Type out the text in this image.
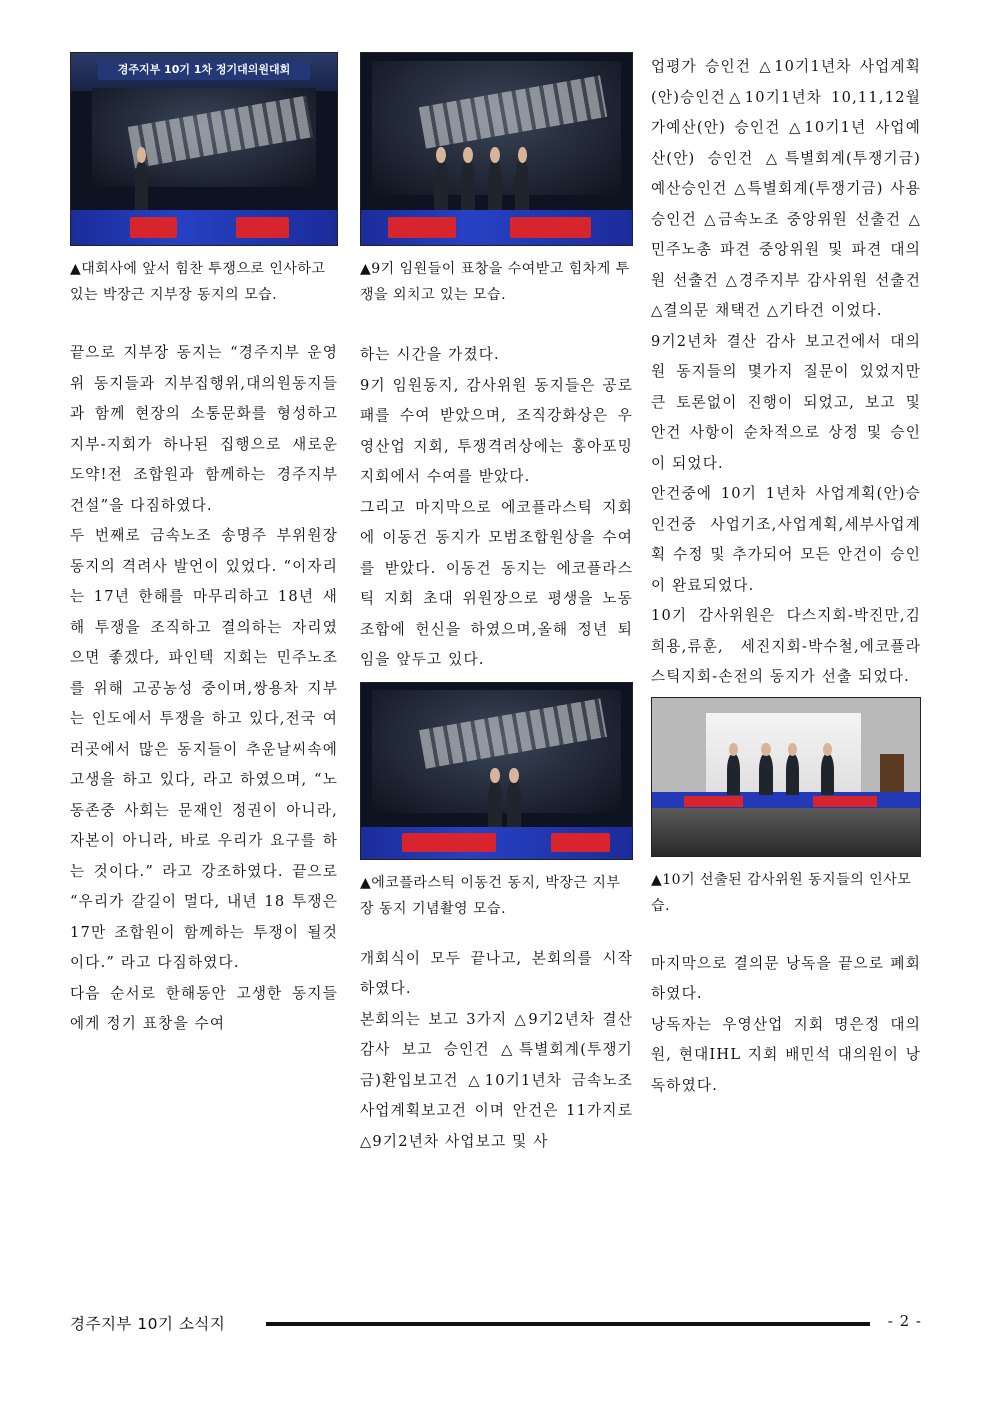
경주지부 10기 1차 정기대의원대회

▲대회사에 앞서 힘찬 투쟁으로 인사하고 있는 박장근 지부장 동지의 모습.

끝으로 지부장 동지는 “경주지부 운영위 동지들과 지부집행위,대의원동지들과 함께 현장의 소통문화를 형성하고 지부-지회가 하나된 집행으로 새로운 도약!전 조합원과 함께하는 경주지부 건설”을 다짐하였다.

두 번째로 금속노조 송명주 부위원장 동지의 격려사 발언이 있었다. “이자리는 17년 한해를 마무리하고 18년 새해 투쟁을 조직하고 결의하는 자리였으면 좋겠다, 파인텍 지회는 민주노조를 위해 고공농성 중이며,쌍용차 지부는 인도에서 투쟁을 하고 있다,전국 여러곳에서 많은 동지들이 추운날씨속에 고생을 하고 있다, 라고 하였으며, “노동존중 사회는 문재인 정권이 아니라,자본이 아니라, 바로 우리가 요구를 하는 것이다.” 라고 강조하였다. 끝으로 “우리가 갈길이 멀다, 내년 18 투쟁은 17만 조합원이 함께하는 투쟁이 될것이다.” 라고 다짐하였다.

다음 순서로 한해동안 고생한 동지들에게 정기 표창을 수여

▲9기 임원들이 표창을 수여받고 힘차게 투쟁을 외치고 있는 모습.

하는 시간을 가졌다.

9기 임원동지, 감사위원 동지들은 공로패를 수여 받았으며, 조직강화상은 우영산업 지회, 투쟁격려상에는 홍아포밍 지회에서 수여를 받았다.

그리고 마지막으로 에코플라스틱 지회에 이동건 동지가 모범조합원상을 수여를 받았다. 이동건 동지는 에코플라스틱 지회 초대 위원장으로 평생을 노동조합에 헌신을 하였으며,올해 정년 퇴임을 앞두고 있다.

▲에코플라스틱 이동건 동지, 박장근 지부장 동지 기념촬영 모습.

개회식이 모두 끝나고, 본회의를 시작하였다.

본회의는 보고 3가지 △9기2년차 결산감사 보고 승인건 △특별회계(투쟁기금)환입보고건 △10기1년차 금속노조 사업계획보고건 이며 안건은 11가지로△9기2년차 사업보고 및 사

업평가 승인건 △10기1년차 사업계획(안)승인건△10기1년차 10,11,12월 가예산(안) 승인건 △10기1년 사업예산(안) 승인건 △특별회계(투쟁기금) 예산승인건 △특별회계(투쟁기금) 사용 승인건 △금속노조 중앙위원 선출건 △민주노총 파견 중앙위원 및 파견 대의원 선출건 △경주지부 감사위원 선출건 △결의문 채택건 △기타건 이었다.

9기2년차 결산 감사 보고건에서 대의원 동지들의 몇가지 질문이 있었지만 큰 토론없이 진행이 되었고, 보고 및 안건 사항이 순차적으로 상정 및 승인이 되었다.

안건중에 10기 1년차 사업계획(안)승인건중 사업기조,사업계획,세부사업계획 수정 및 추가되어 모든 안건이 승인이 완료되었다.

10기 감사위원은 다스지회-박진만,김희용,류훈, 세진지회-박수철,에코플라스틱지회-손전의 동지가 선출 되었다.

▲10기 선출된 감사위원 동지들의 인사모습.

마지막으로 결의문 낭독을 끝으로 폐회하였다.

낭독자는 우영산업 지회 명은정 대의원, 현대IHL 지회 배민석 대의원이 낭독하였다.

경주지부 10기 소식지	- 2 -
